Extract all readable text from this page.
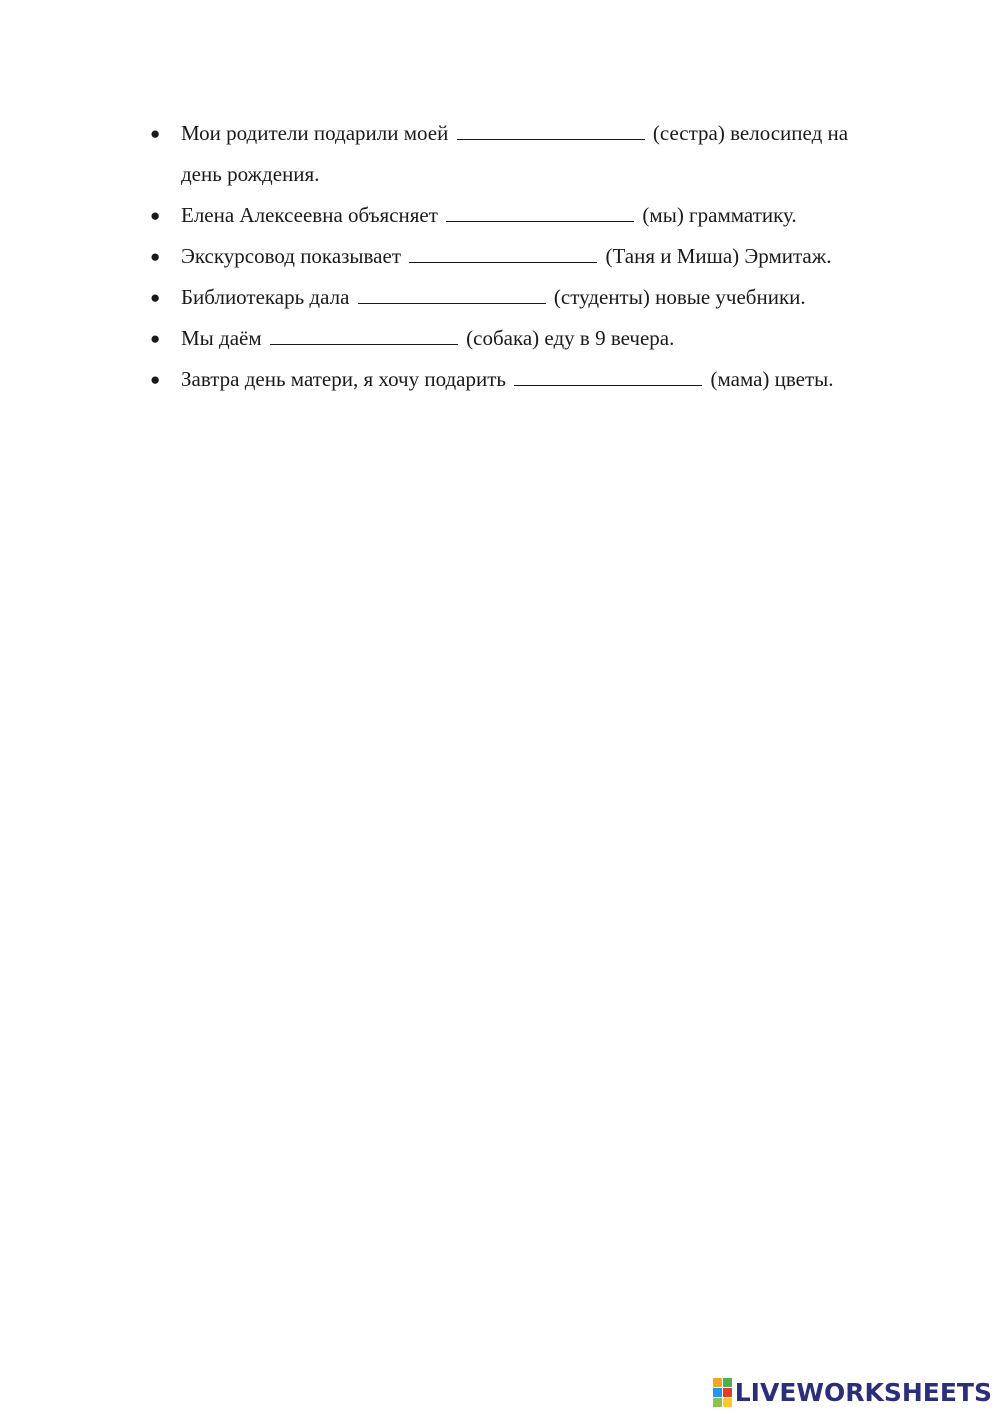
● Мои родители подарили моей	(сестра) велосипед на день рождения.
● Елена Алексеевна объясняет	(мы) грамматику.
● Экскурсовод показывает	(Таня и Миша) Эрмитаж.
● Библиотекарь дала	(студенты) новые учебники.
● Мы даём	(собака) еду в 9 вечера.
● Завтра день матери, я хочу подарить	(мама) цветы.
LIVEWORKSHEETS
